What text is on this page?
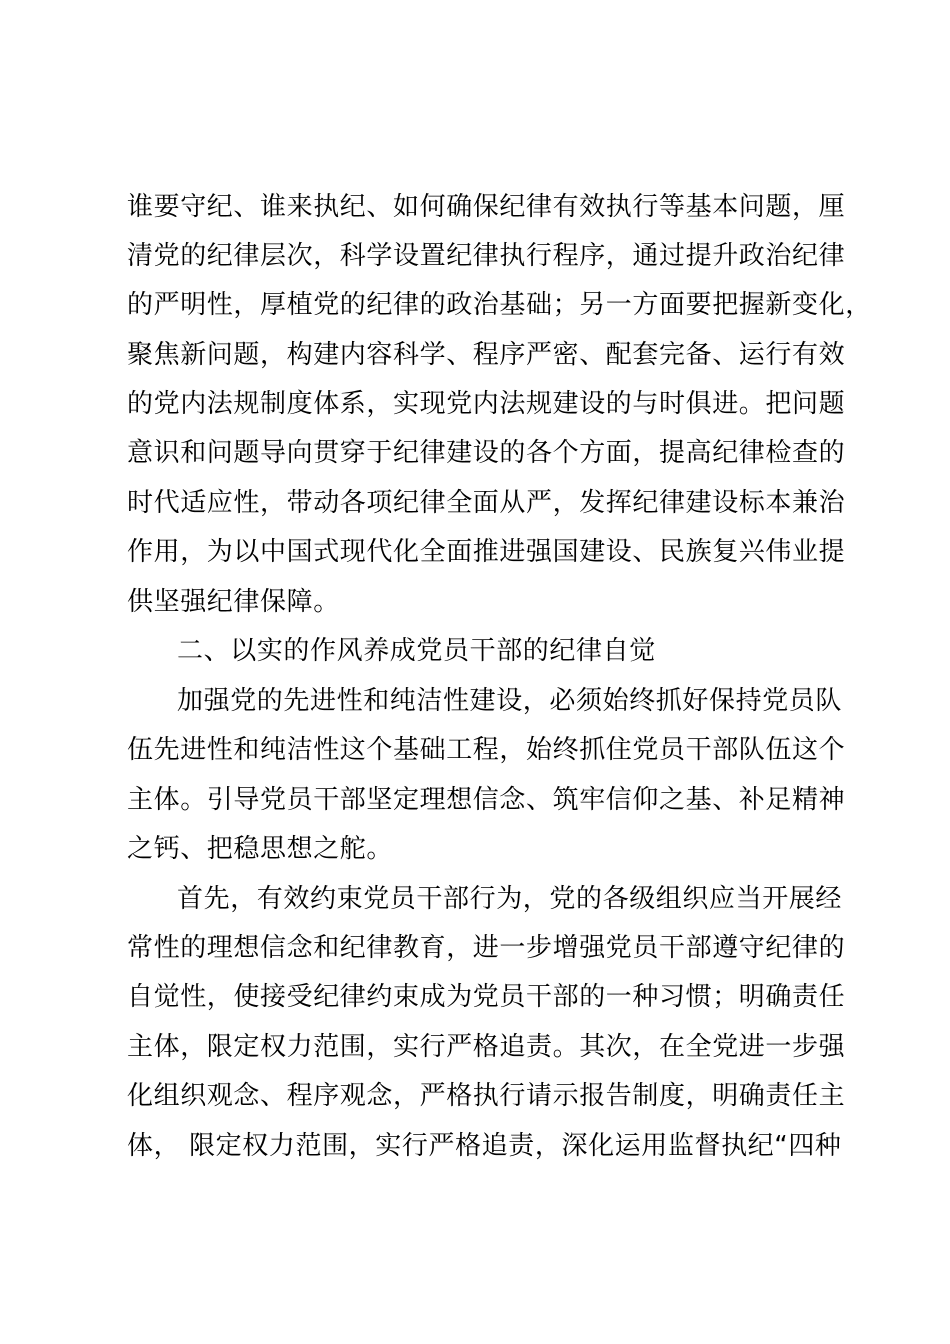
谁要守纪、谁来执纪、如何确保纪律有效执行等基本问题，厘
清党的纪律层次，科学设置纪律执行程序，通过提升政治纪律
的严明性，厚植党的纪律的政治基础；另一方面要把握新变化，
聚焦新问题，构建内容科学、程序严密、配套完备、运行有效
的党内法规制度体系，实现党内法规建设的与时俱进。把问题
意识和问题导向贯穿于纪律建设的各个方面，提高纪律检查的
时代适应性，带动各项纪律全面从严，发挥纪律建设标本兼治
作用，为以中国式现代化全面推进强国建设、民族复兴伟业提
供坚强纪律保障。
二、以实的作风养成党员干部的纪律自觉
加强党的先进性和纯洁性建设，必须始终抓好保持党员队
伍先进性和纯洁性这个基础工程，始终抓住党员干部队伍这个
主体。引导党员干部坚定理想信念、筑牢信仰之基、补足精神
之钙、把稳思想之舵。
首先，有效约束党员干部行为，党的各级组织应当开展经
常性的理想信念和纪律教育，进一步增强党员干部遵守纪律的
自觉性，使接受纪律约束成为党员干部的一种习惯；明确责任
主体，限定权力范围，实行严格追责。其次，在全党进一步强
化组织观念、程序观念，严格执行请示报告制度，明确责任主
体， 限定权力范围，实行严格追责，深化运用监督执纪“四种
